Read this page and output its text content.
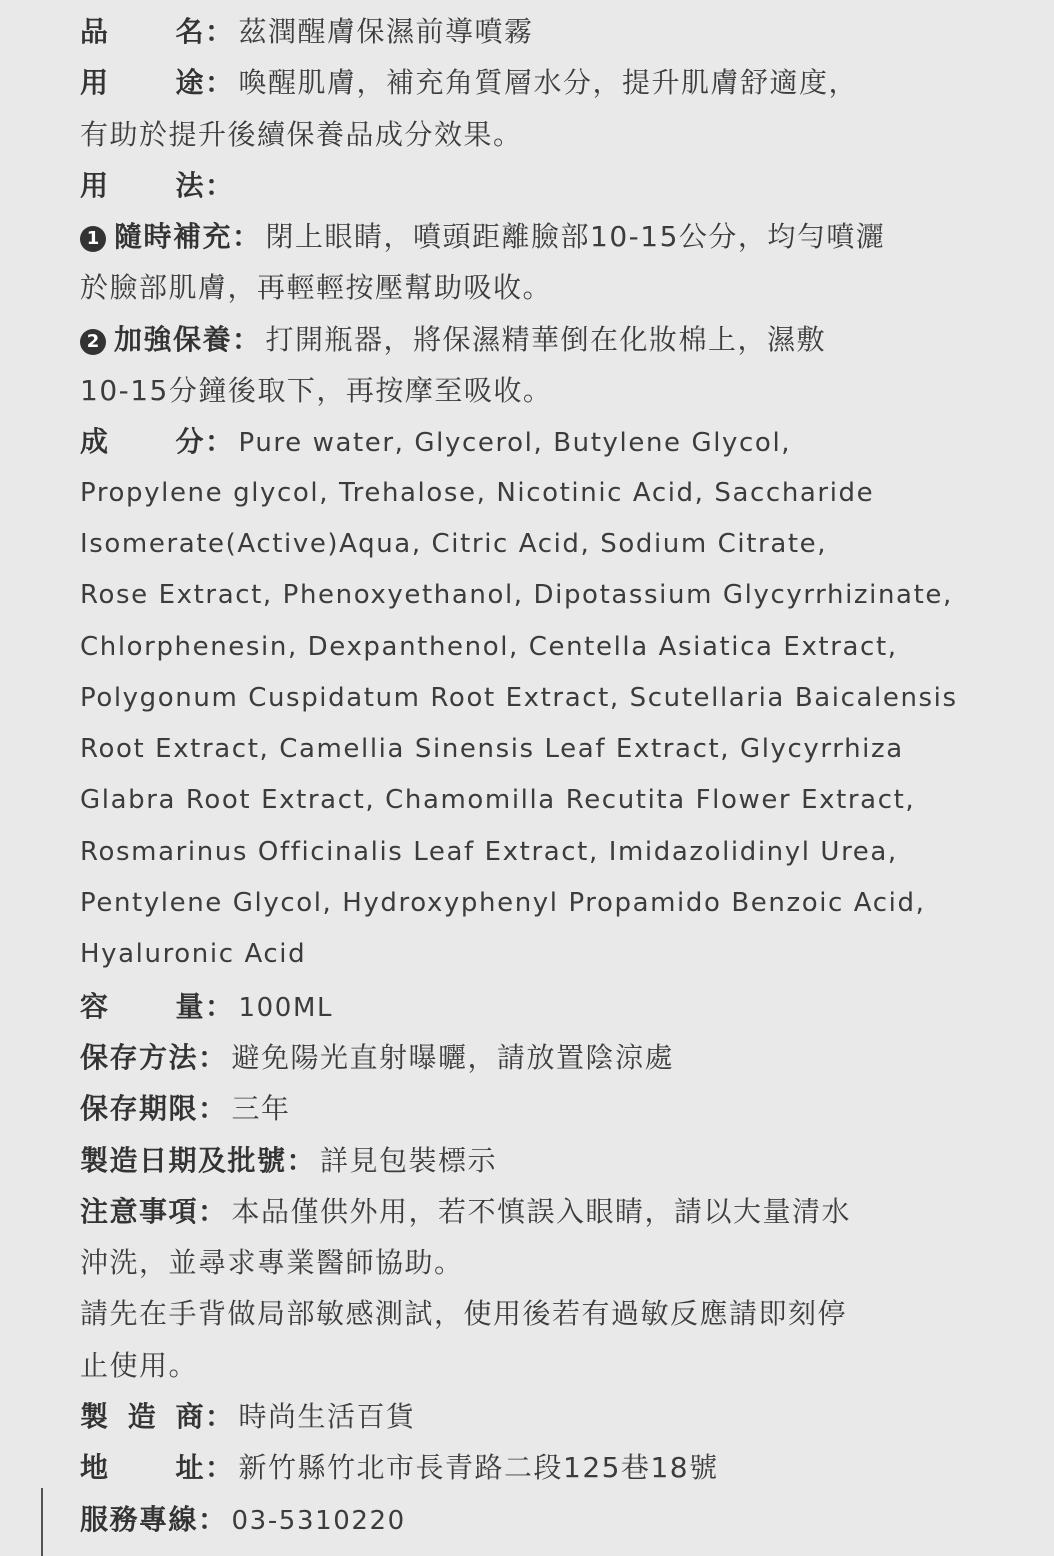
品　名： 茲潤醒膚保濕前導噴霧
用　途： 喚醒肌膚，補充角質層水分，提升肌膚舒適度，
有助於提升後續保養品成分效果。
用　法：
1 隨時補充： 閉上眼睛，噴頭距離臉部10-15公分，均勻噴灑
於臉部肌膚，再輕輕按壓幫助吸收。
2 加強保養： 打開瓶器，將保濕精華倒在化妝棉上，濕敷
10-15分鐘後取下，再按摩至吸收。
成　分： Pure water, Glycerol, Butylene Glycol,
Propylene glycol, Trehalose, Nicotinic Acid, Saccharide
Isomerate(Active)Aqua, Citric Acid, Sodium Citrate,
Rose Extract, Phenoxyethanol, Dipotassium Glycyrrhizinate,
Chlorphenesin, Dexpanthenol, Centella Asiatica Extract,
Polygonum Cuspidatum Root Extract, Scutellaria Baicalensis
Root Extract, Camellia Sinensis Leaf Extract, Glycyrrhiza
Glabra Root Extract, Chamomilla Recutita Flower Extract,
Rosmarinus Officinalis Leaf Extract, Imidazolidinyl Urea,
Pentylene Glycol, Hydroxyphenyl Propamido Benzoic Acid,
Hyaluronic Acid
容　量： 100ML
保存方法： 避免陽光直射曝曬，請放置陰涼處
保存期限： 三年
製造日期及批號： 詳見包裝標示
注意事項： 本品僅供外用，若不慎誤入眼睛，請以大量清水
沖洗，並尋求專業醫師協助。
請先在手背做局部敏感測試，使用後若有過敏反應請即刻停
止使用。
製 造 商： 時尚生活百貨
地　址： 新竹縣竹北市長青路二段125巷18號
服務專線： 03-5310220
